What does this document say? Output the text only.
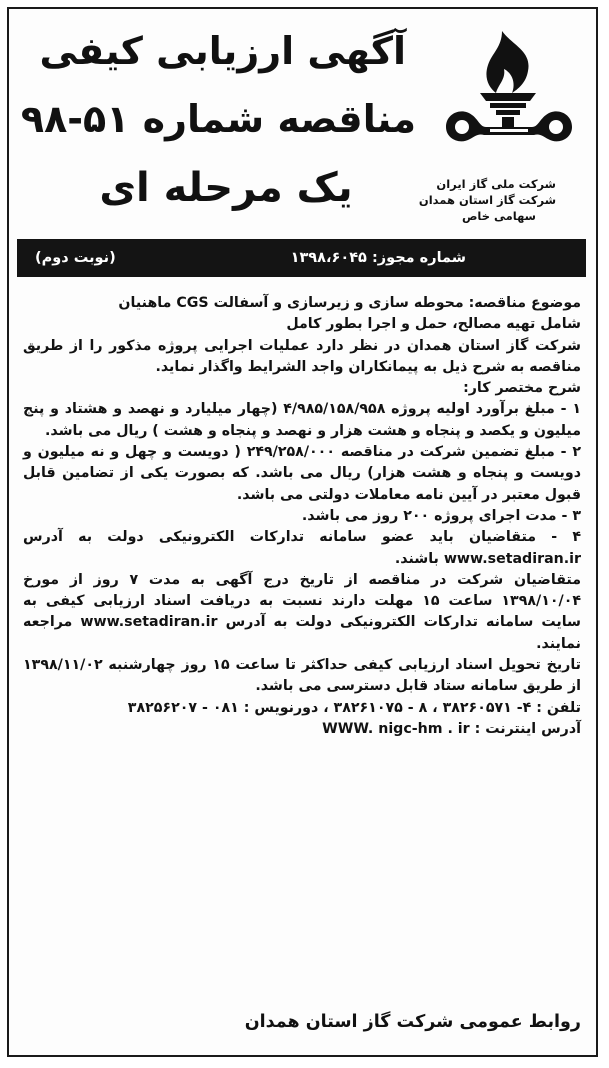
آگهی ارزیابی کیفی
مناقصه شماره ۵۱-۹۸
یک مرحله ای	شرکت ملی گاز ایران
شرکت گاز استان همدان
سهامی خاص
شماره مجوز: ۱۳۹۸،۶۰۴۵
(نوبت دوم)

موضوع مناقصه: محوطه سازی و زیرسازی و آسفالت CGS ماهنیان

شامل تهیه مصالح، حمل و اجرا بطور کامل

شرکت گاز استان همدان در نظر دارد عملیات اجرایی پروژه مذکور را از طریق مناقصه به شرح ذیل به پیمانکاران واجد الشرایط واگذار نماید.

شرح مختصر کار:

۱ - مبلغ برآورد اولیه پروژه ۴/۹۸۵/۱۵۸/۹۵۸ (چهار میلیارد و نهصد و هشتاد و پنج میلیون و یکصد و پنجاه و هشت هزار و نهصد و پنجاه و هشت ) ریال می باشد.

۲ - مبلغ تضمین شرکت در مناقصه ۲۴۹/۲۵۸/۰۰۰ ( دویست و چهل و نه میلیون و دویست و پنجاه و هشت هزار) ریال می باشد. که بصورت یکی از تضامین قابل قبول معتبر در آیین نامه معاملات دولتی می باشد.

۳ - مدت اجرای پروژه ۲۰۰ روز می باشد.

۴ - متقاضیان باید عضو سامانه تدارکات الکترونیکی دولت به آدرس www.setadiran.ir باشند.

متقاضیان شرکت در مناقصه از تاریخ درج آگهی به مدت ۷ روز از مورخ ۱۳۹۸/۱۰/۰۴ ساعت ۱۵ مهلت دارند نسبت به دریافت اسناد ارزیابی کیفی به سایت سامانه تدارکات الکترونیکی دولت به آدرس www.setadiran.ir مراجعه نمایند.

تاریخ تحویل اسناد ارزیابی کیفی حداکثر تا ساعت ۱۵ روز چهارشنبه ۱۳۹۸/۱۱/۰۲ از طریق سامانه ستاد قابل دسترسی می باشد.

تلفن : ۴- ۳۸۲۶۰۵۷۱ ، ۸ - ۳۸۲۶۱۰۷۵ ، دورنویس : ۰۸۱ - ۳۸۲۵۶۲۰۷

آدرس اینترنت : WWW. nigc-hm . ir

روابط عمومی شرکت گاز استان همدان
